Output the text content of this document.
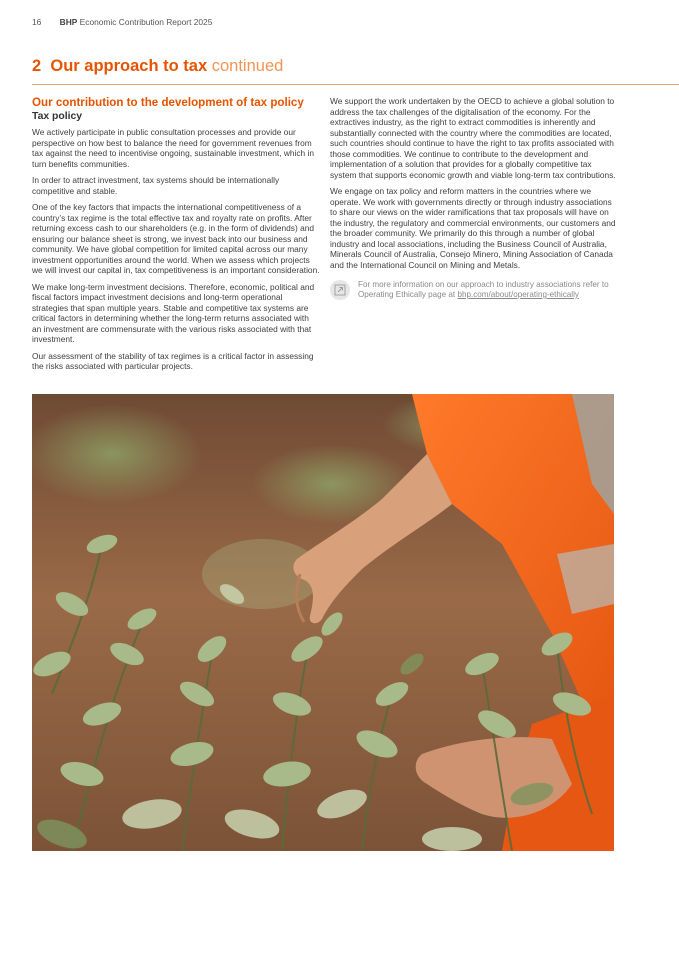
16 BHP Economic Contribution Report 2025
2 Our approach to tax continued
Our contribution to the development of tax policy
Tax policy

We actively participate in public consultation processes and provide our perspective on how best to balance the need for government revenues from tax against the need to incentivise ongoing, sustainable investment, which in turn benefits communities.

In order to attract investment, tax systems should be internationally competitive and stable.

One of the key factors that impacts the international competitiveness of a country’s tax regime is the total effective tax and royalty rate on profits. After returning excess cash to our shareholders (e.g. in the form of dividends) and ensuring our balance sheet is strong, we invest back into our business and community. We have global competition for limited capital across our many investment opportunities around the world. When we assess which projects we will invest our capital in, tax competitiveness is an important consideration.

We make long-term investment decisions. Therefore, economic, political and fiscal factors impact investment decisions and long-term operational strategies that span multiple years. Stable and competitive tax systems are critical factors in determining whether the long-term returns associated with an investment are commensurate with the various risks associated with that investment.

Our assessment of the stability of tax regimes is a critical factor in assessing the risks associated with particular projects.

We support the work undertaken by the OECD to achieve a global solution to address the tax challenges of the digitalisation of the economy. For the extractives industry, as the right to extract commodities is inherently and substantially connected with the country where the commodities are located, such countries should continue to have the right to tax profits associated with those commodities. We continue to contribute to the development and implementation of a solution that provides for a globally competitive tax system that supports economic growth and viable long-term tax contributions.

We engage on tax policy and reform matters in the countries where we operate. We work with governments directly or through industry associations to share our views on the wider ramifications that tax proposals will have on the industry, the regulatory and commercial environments, our customers and the broader community. We primarily do this through a number of global industry and local associations, including the Business Council of Australia, Minerals Council of Australia, Consejo Minero, Mining Association of Canada and the International Council on Mining and Metals.

For more information on our approach to industry associations refer to Operating Ethically page at bhp.com/about/operating-ethically
